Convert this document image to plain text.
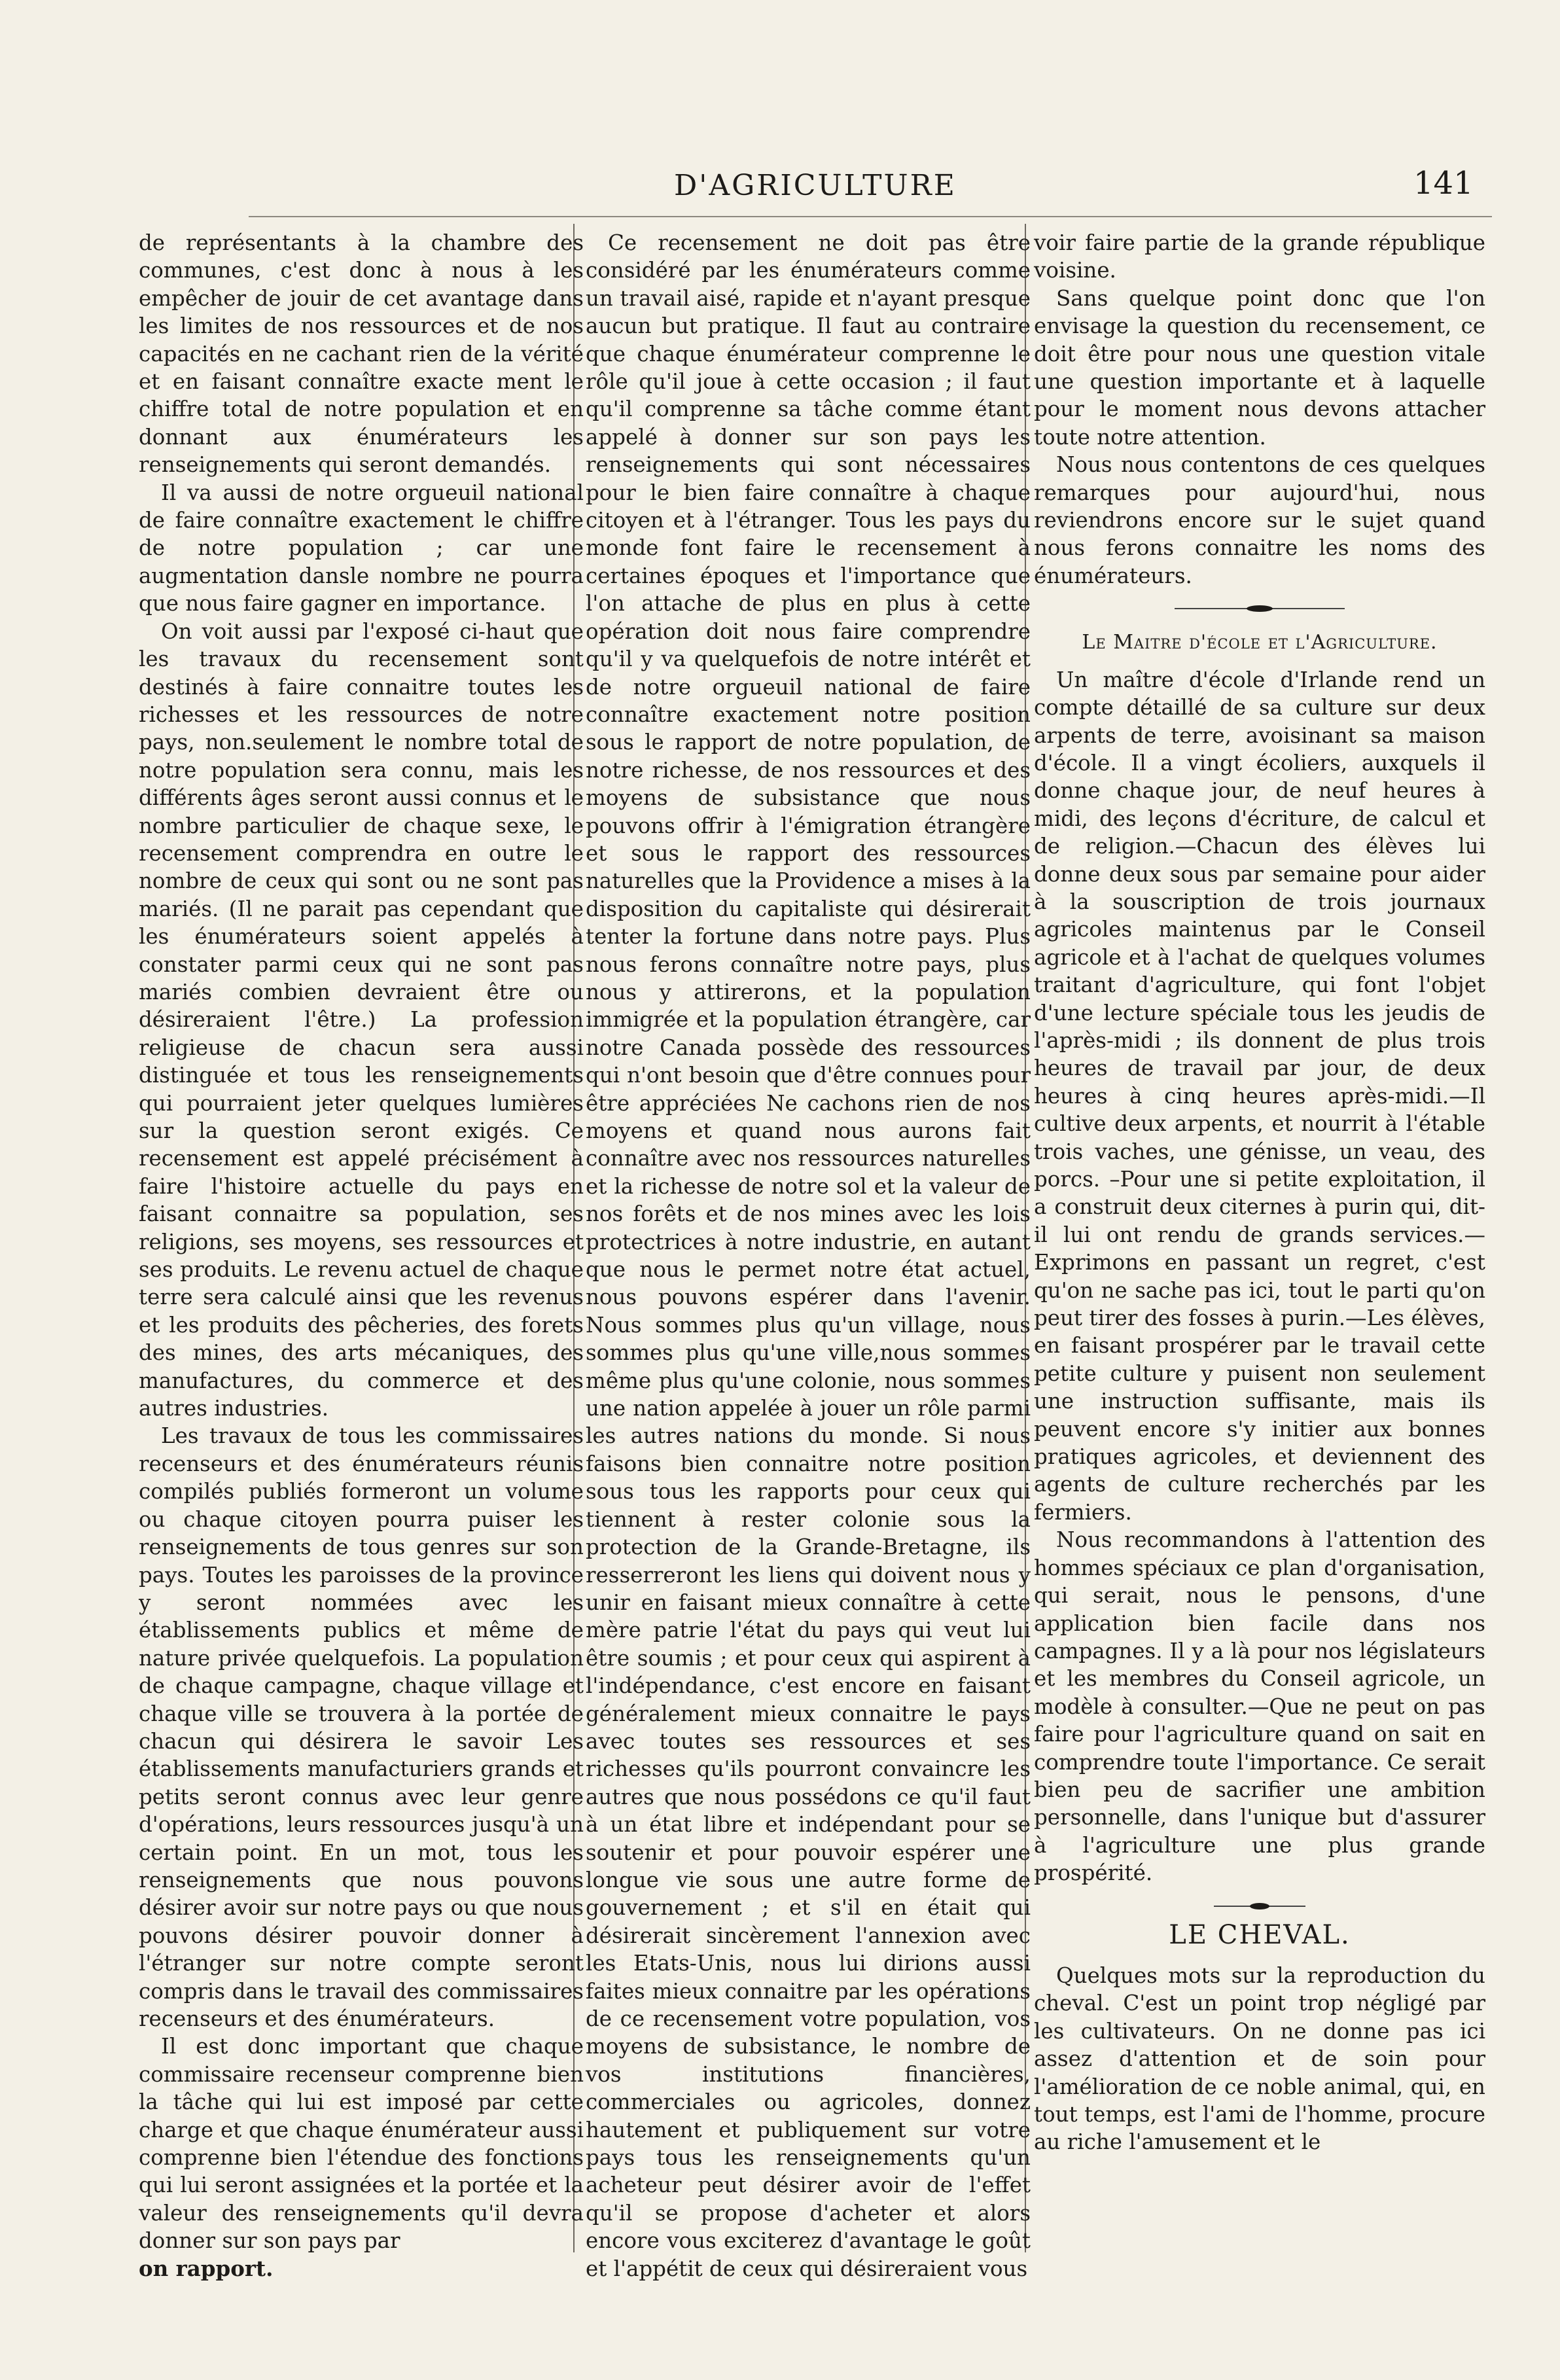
D'AGRICULTURE	141

de représentants à la chambre des communes, c'est donc à nous à les empêcher de jouir de cet avantage dans les limites de nos ressources et de nos capacités en ne cachant rien de la vérité et en faisant connaître exacte ment le chiffre total de notre population et en donnant aux énumérateurs les renseignements qui seront demandés.

Il va aussi de notre orgueuil national de faire connaître exactement le chiffre de notre population ; car une augmentation dansle nombre ne pourra que nous faire gagner en importance.

On voit aussi par l'exposé ci-haut que les travaux du recensement sont destinés à faire connaitre toutes les richesses et les ressources de notre pays, non.seulement le nombre total de notre population sera connu, mais les différents âges seront aussi connus et le nombre particulier de chaque sexe, le recensement comprendra en outre le nombre de ceux qui sont ou ne sont pas mariés. (Il ne parait pas cependant que les énumérateurs soient appelés à constater parmi ceux qui ne sont pas mariés combien devraient être ou désireraient l'être.) La profession religieuse de chacun sera aussi distinguée et tous les renseignements qui pourraient jeter quelques lumières sur la question seront exigés. Ce recensement est appelé précisément à faire l'histoire actuelle du pays en faisant connaitre sa population, ses religions, ses moyens, ses ressources et ses produits. Le revenu actuel de chaque terre sera calculé ainsi que les revenus et les produits des pêcheries, des forets des mines, des arts mécaniques, des manufactures, du commerce et des autres industries.

Les travaux de tous les commissaires recenseurs et des énumérateurs réunis compilés publiés formeront un volume ou chaque citoyen pourra puiser les renseignements de tous genres sur son pays. Toutes les paroisses de la province y seront nommées avec les établissements publics et même de nature privée quelquefois. La population de chaque campagne, chaque village et chaque ville se trouvera à la portée de chacun qui désirera le savoir Les établissements manufacturiers grands et petits seront connus avec leur genre d'opérations, leurs ressources jusqu'à un certain point. En un mot, tous les renseignements que nous pouvons désirer avoir sur notre pays ou que nous pouvons désirer pouvoir donner à l'étranger sur notre compte seront compris dans le travail des commissaires recenseurs et des énumérateurs.

Il est donc important que chaque commissaire recenseur comprenne bien la tâche qui lui est imposé par cette charge et que chaque énumérateur aussi comprenne bien l'étendue des fonctions qui lui seront assignées et la portée et la valeur des renseignements qu'il devra donner sur son pays par

on rapport.

Ce recensement ne doit pas être considéré par les énumérateurs comme un travail aisé, rapide et n'ayant presque aucun but pratique. Il faut au contraire que chaque énumérateur comprenne le rôle qu'il joue à cette occasion ; il faut qu'il comprenne sa tâche comme étant appelé à donner sur son pays les renseignements qui sont nécessaires pour le bien faire connaître à chaque citoyen et à l'étranger. Tous les pays du monde font faire le recensement à certaines époques et l'importance que l'on attache de plus en plus à cette opération doit nous faire comprendre qu'il y va quelquefois de notre intérêt et de notre orgueuil national de faire connaître exactement notre position sous le rapport de notre population, de notre richesse, de nos ressources et des moyens de subsistance que nous pouvons offrir à l'émigration étrangère et sous le rapport des ressources naturelles que la Providence a mises à la disposition du capitaliste qui désirerait tenter la fortune dans notre pays. Plus nous ferons connaître notre pays, plus nous y attirerons, et la population immigrée et la population étrangère, car notre Canada possède des ressources qui n'ont besoin que d'être connues pour être appréciées Ne cachons rien de nos moyens et quand nous aurons fait connaître avec nos ressources naturelles et la richesse de notre sol et la valeur de nos forêts et de nos mines avec les lois protectrices à notre industrie, en autant que nous le permet notre état actuel, nous pouvons espérer dans l'avenir. Nous sommes plus qu'un village, nous sommes plus qu'une ville,nous sommes même plus qu'une colonie, nous sommes une nation appelée à jouer un rôle parmi les autres nations du monde. Si nous faisons bien connaitre notre position sous tous les rapports pour ceux qui tiennent à rester colonie sous la protection de la Grande-Bretagne, ils resserreront les liens qui doivent nous y unir en faisant mieux connaître à cette mère patrie l'état du pays qui veut lui être soumis ; et pour ceux qui aspirent à l'indépendance, c'est encore en faisant généralement mieux connaitre le pays avec toutes ses ressources et ses richesses qu'ils pourront convaincre les autres que nous possédons ce qu'il faut à un état libre et indépendant pour se soutenir et pour pouvoir espérer une longue vie sous une autre forme de gouvernement ; et s'il en était qui désirerait sincèrement l'annexion avec les Etats-Unis, nous lui dirions aussi faites mieux connaitre par les opérations de ce recensement votre population, vos moyens de subsistance, le nombre de vos institutions financières, commerciales ou agricoles, donnez hautement et publiquement sur votre pays tous les renseignements qu'un acheteur peut désirer avoir de l'effet qu'il se propose d'acheter et alors encore vous exciterez d'avantage le goût et l'appétit de ceux qui désireraient vous

voir faire partie de la grande république voisine.

Sans quelque point donc que l'on envisage la question du recensement, ce doit être pour nous une question vitale une question importante et à laquelle pour le moment nous devons attacher toute notre attention.

Nous nous contentons de ces quelques remarques pour aujourd'hui, nous reviendrons encore sur le sujet quand nous ferons connaitre les noms des énumérateurs.

Le Maitre d'école et l'Agriculture.

Un maître d'école d'Irlande rend un compte détaillé de sa culture sur deux arpents de terre, avoisinant sa maison d'école. Il a vingt écoliers, auxquels il donne chaque jour, de neuf heures à midi, des leçons d'écriture, de calcul et de religion.—Chacun des élèves lui donne deux sous par semaine pour aider à la souscription de trois journaux agricoles maintenus par le Conseil agricole et à l'achat de quelques volumes traitant d'agriculture, qui font l'objet d'une lecture spéciale tous les jeudis de l'après-midi ; ils donnent de plus trois heures de travail par jour, de deux heures à cinq heures après-midi.—Il cultive deux arpents, et nourrit à l'étable trois vaches, une génisse, un veau, des porcs. –Pour une si petite exploitation, il a construit deux citernes à purin qui, dit-il lui ont rendu de grands services.—Exprimons en passant un regret, c'est qu'on ne sache pas ici, tout le parti qu'on peut tirer des fosses à purin.—Les élèves, en faisant prospérer par le travail cette petite culture y puisent non seulement une instruction suffisante, mais ils peuvent encore s'y initier aux bonnes pratiques agricoles, et deviennent des agents de culture recherchés par les fermiers.

Nous recommandons à l'attention des hommes spéciaux ce plan d'organisation, qui serait, nous le pensons, d'une application bien facile dans nos campagnes. Il y a là pour nos législateurs et les membres du Conseil agricole, un modèle à consulter.—Que ne peut on pas faire pour l'agriculture quand on sait en comprendre toute l'importance. Ce serait bien peu de sacrifier une ambition personnelle, dans l'unique but d'assurer à l'agriculture une plus grande prospérité.

LE CHEVAL.

Quelques mots sur la reproduction du cheval. C'est un point trop négligé par les cultivateurs. On ne donne pas ici assez d'attention et de soin pour l'amélioration de ce noble animal, qui, en tout temps, est l'ami de l'homme, procure au riche l'amusement et le
